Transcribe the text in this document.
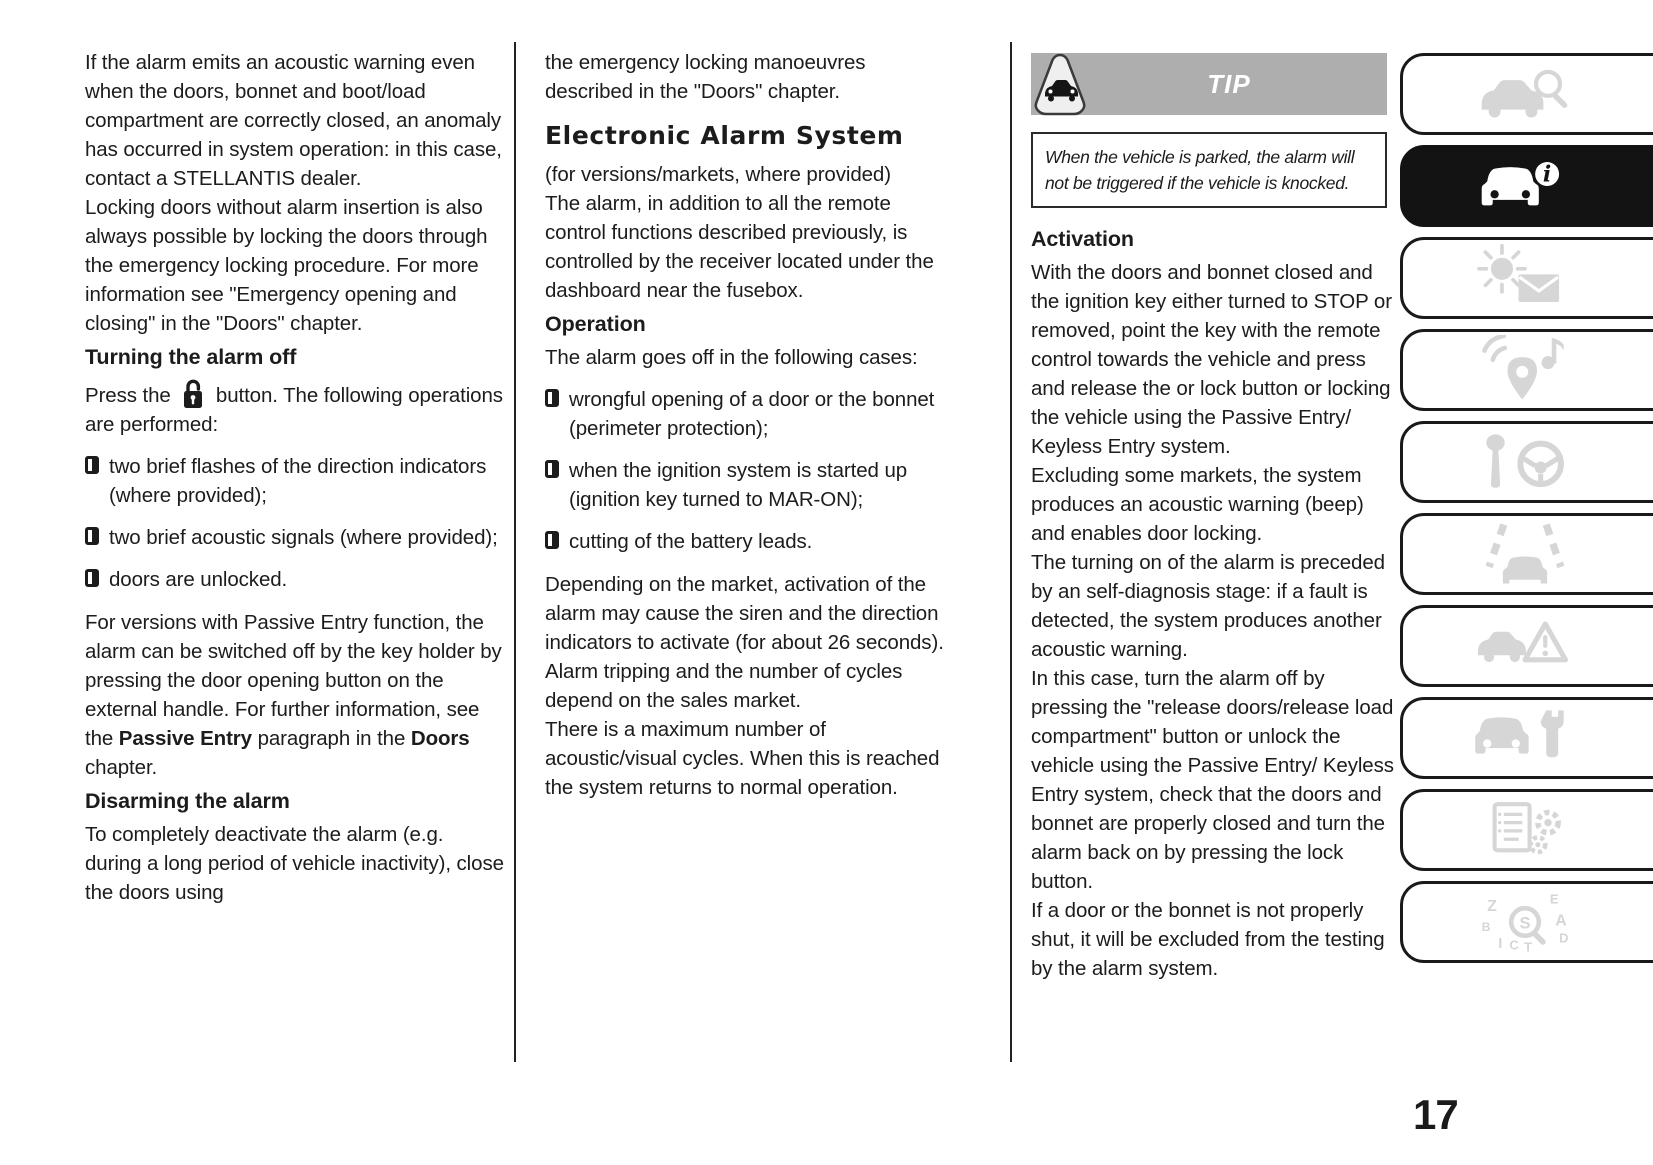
If the alarm emits an acoustic warning even when the doors, bonnet and boot/load compartment are correctly closed, an anomaly has occurred in system operation: in this case, contact a STELLANTIS dealer.

Locking doors without alarm insertion is also always possible by locking the doors through the emergency locking procedure. For more information see "Emergency opening and closing" in the "Doors" chapter.

Turning the alarm off

Press the  button. The following operations are performed:

two brief flashes of the direction indicators (where provided);
two brief acoustic signals (where provided);
doors are unlocked.

For versions with Passive Entry function, the alarm can be switched off by the key holder by pressing the door opening button on the external handle. For further information, see the Passive Entry paragraph in the Doors chapter.

Disarming the alarm

To completely deactivate the alarm (e.g. during a long period of vehicle inactivity), close the doors using

the emergency locking manoeuvres described in the "Doors" chapter.

Electronic Alarm System

(for versions/markets, where provided)

The alarm, in addition to all the remote control functions described previously, is controlled by the receiver located under the dashboard near the fusebox.

Operation

The alarm goes off in the following cases:

wrongful opening of a door or the bonnet (perimeter protection);
when the ignition system is started up (ignition key turned to MAR-ON);
cutting of the battery leads.

Depending on the market, activation of the alarm may cause the siren and the direction indicators to activate (for about 26 seconds). Alarm tripping and the number of cycles depend on the sales market.

There is a maximum number of acoustic/visual cycles. When this is reached the system returns to normal operation.

TIP

When the vehicle is parked, the alarm will not be triggered if the vehicle is knocked.

Activation

With the doors and bonnet closed and the ignition key either turned to STOP or removed, point the key with the remote control towards the vehicle and press and release the or lock button or locking the vehicle using the Passive Entry/ Keyless Entry system.

Excluding some markets, the system produces an acoustic warning (beep) and enables door locking.

The turning on of the alarm is preceded by an self-diagnosis stage: if a fault is detected, the system produces another acoustic warning.

In this case, turn the alarm off by pressing the "release doors/release load compartment" button or unlock the vehicle using the Passive Entry/ Keyless Entry system, check that the doors and bonnet are properly closed and turn the alarm back on by pressing the lock button.

If a door or the bonnet is not properly shut, it will be excluded from the testing by the alarm system.

i
Z	E
B	A
D
I C T
S
17
